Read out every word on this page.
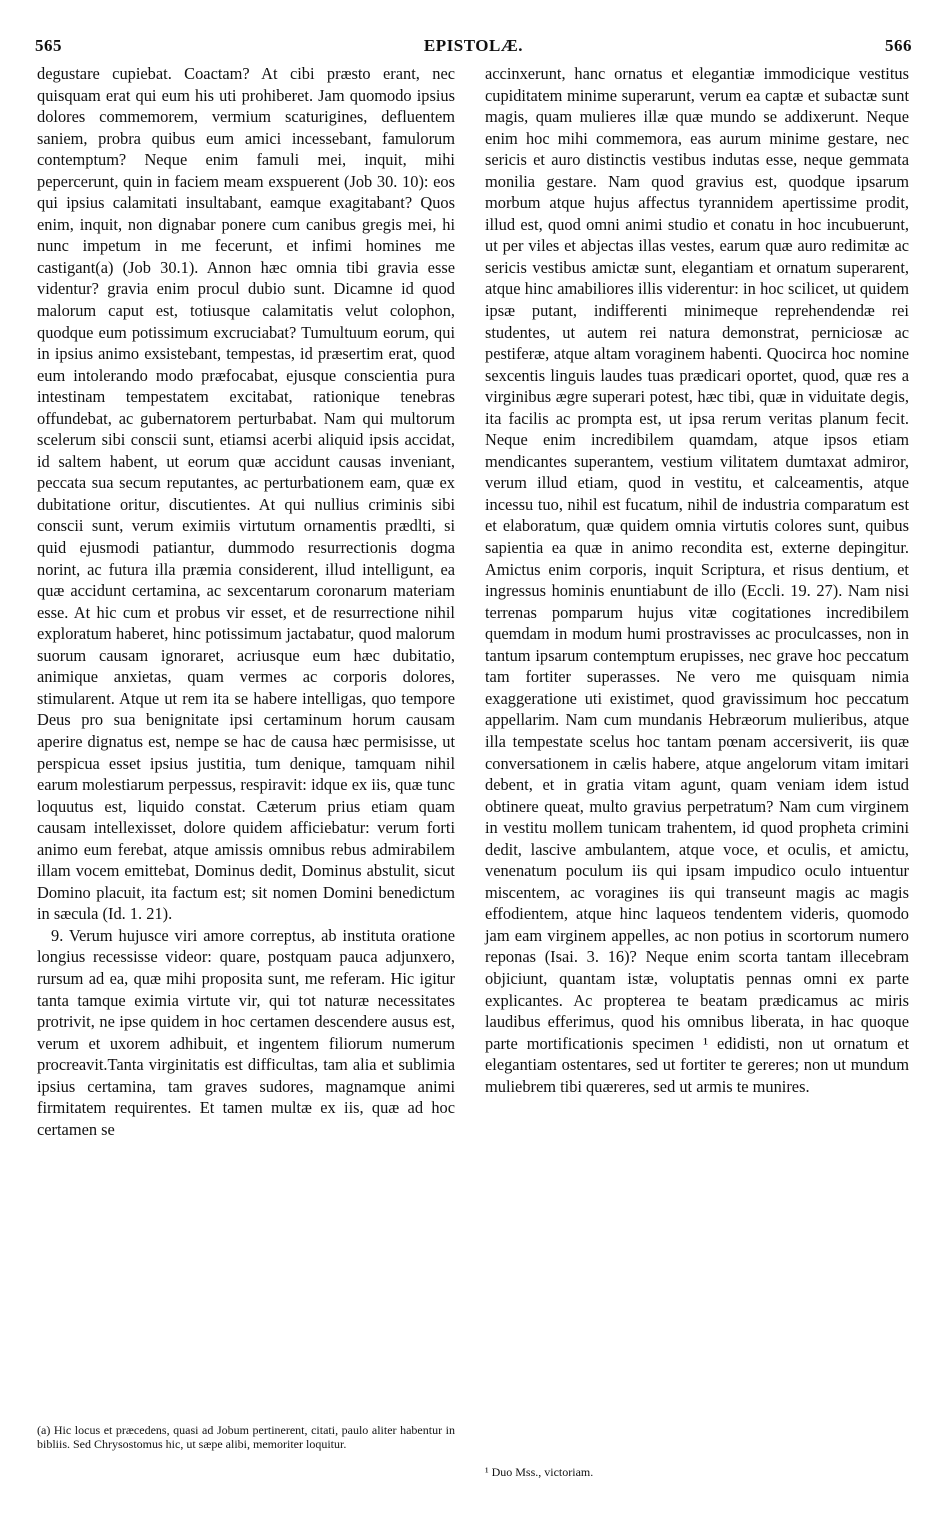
565	EPISTOLÆ.	566

degustare cupiebat. Coactam? At cibi præsto erant, nec quisquam erat qui eum his uti prohiberet. Jam quomodo ipsius dolores commemorem, vermium scaturigines, defluentem saniem, probra quibus eum amici incessebant, famulorum contemptum? Neque enim famuli mei, inquit, mihi pepercerunt, quin in faciem meam exspuerent (Job 30. 10): eos qui ipsius calamitati insultabant, eamque exagitabant? Quos enim, inquit, non dignabar ponere cum canibus gregis mei, hi nunc impetum in me fecerunt, et infimi homines me castigant(a) (Job 30.1). Annon hæc omnia tibi gravia esse videntur? gravia enim procul dubio sunt. Dicamne id quod malorum caput est, totiusque calamitatis velut colophon, quodque eum potissimum excruciabat? Tumultuum eorum, qui in ipsius animo exsistebant, tempestas, id præsertim erat, quod eum intolerando modo præfocabat, ejusque conscientia pura intestinam tempestatem excitabat, rationique tenebras offundebat, ac gubernatorem perturbabat. Nam qui multorum scelerum sibi conscii sunt, etiamsi acerbi aliquid ipsis accidat, id saltem habent, ut eorum quæ accidunt causas inveniant, peccata sua secum reputantes, ac perturbationem eam, quæ ex dubitatione oritur, discutientes. At qui nullius criminis sibi conscii sunt, verum eximiis virtutum ornamentis prædlti, si quid ejusmodi patiantur, dummodo resurrectionis dogma norint, ac futura illa præmia considerent, illud intelligunt, ea quæ accidunt certamina, ac sexcentarum coronarum materiam esse. At hic cum et probus vir esset, et de resurrectione nihil exploratum haberet, hinc potissimum jactabatur, quod malorum suorum causam ignoraret, acriusque eum hæc dubitatio, animique anxietas, quam vermes ac corporis dolores, stimularent. Atque ut rem ita se habere intelligas, quo tempore Deus pro sua benignitate ipsi certaminum horum causam aperire dignatus est, nempe se hac de causa hæc permisisse, ut perspicua esset ipsius justitia, tum denique, tamquam nihil earum molestiarum perpessus, respiravit: idque ex iis, quæ tunc loquutus est, liquido constat. Cæterum prius etiam quam causam intellexisset, dolore quidem afficiebatur: verum forti animo eum ferebat, atque amissis omnibus rebus admirabilem illam vocem emittebat, Dominus dedit, Dominus abstulit, sicut Domino placuit, ita factum est; sit nomen Domini benedictum in sæcula (Id. 1. 21).

9. Verum hujusce viri amore correptus, ab instituta oratione longius recessisse videor: quare, postquam pauca adjunxero, rursum ad ea, quæ mihi proposita sunt, me referam. Hic igitur tanta tamque eximia virtute vir, qui tot naturæ necessitates protrivit, ne ipse quidem in hoc certamen descendere ausus est, verum et uxorem adhibuit, et ingentem filiorum numerum procreavit.Tanta virginitatis est difficultas, tam alia et sublimia ipsius certamina, tam graves sudores, magnamque animi firmitatem requirentes. Et tamen multæ ex iis, quæ ad hoc certamen se

accinxerunt, hanc ornatus et elegantiæ immodicique vestitus cupiditatem minime superarunt, verum ea captæ et subactæ sunt magis, quam mulieres illæ quæ mundo se addixerunt. Neque enim hoc mihi commemora, eas aurum minime gestare, nec sericis et auro distinctis vestibus indutas esse, neque gemmata monilia gestare. Nam quod gravius est, quodque ipsarum morbum atque hujus affectus tyrannidem apertissime prodit, illud est, quod omni animi studio et conatu in hoc incubuerunt, ut per viles et abjectas illas vestes, earum quæ auro redimitæ ac sericis vestibus amictæ sunt, elegantiam et ornatum superarent, atque hinc amabiliores illis viderentur: in hoc scilicet, ut quidem ipsæ putant, indifferenti minimeque reprehendendæ rei studentes, ut autem rei natura demonstrat, perniciosæ ac pestiferæ, atque altam voraginem habenti. Quocirca hoc nomine sexcentis linguis laudes tuas prædicari oportet, quod, quæ res a virginibus ægre superari potest, hæc tibi, quæ in viduitate degis, ita facilis ac prompta est, ut ipsa rerum veritas planum fecit. Neque enim incredibilem quamdam, atque ipsos etiam mendicantes superantem, vestium vilitatem dumtaxat admiror, verum illud etiam, quod in vestitu, et calceamentis, atque incessu tuo, nihil est fucatum, nihil de industria comparatum est et elaboratum, quæ quidem omnia virtutis colores sunt, quibus sapientia ea quæ in animo recondita est, externe depingitur. Amictus enim corporis, inquit Scriptura, et risus dentium, et ingressus hominis enuntiabunt de illo (Eccli. 19. 27). Nam nisi terrenas pomparum hujus vitæ cogitationes incredibilem quemdam in modum humi prostravisses ac proculcasses, non in tantum ipsarum contemptum erupisses, nec grave hoc peccatum tam fortiter superasses. Ne vero me quisquam nimia exaggeratione uti existimet, quod gravissimum hoc peccatum appellarim. Nam cum mundanis Hebræorum mulieribus, atque illa tempestate scelus hoc tantam pœnam accersiverit, iis quæ conversationem in cælis habere, atque angelorum vitam imitari debent, et in gratia vitam agunt, quam veniam idem istud obtinere queat, multo gravius perpetratum? Nam cum virginem in vestitu mollem tunicam trahentem, id quod propheta crimini dedit, lascive ambulantem, atque voce, et oculis, et amictu, venenatum poculum iis qui ipsam impudico oculo intuentur miscentem, ac voragines iis qui transeunt magis ac magis effodientem, atque hinc laqueos tendentem videris, quomodo jam eam virginem appelles, ac non potius in scortorum numero reponas (Isai. 3. 16)? Neque enim scorta tantam illecebram objiciunt, quantam istæ, voluptatis pennas omni ex parte explicantes. Ac propterea te beatam prædicamus ac miris laudibus efferimus, quod his omnibus liberata, in hac quoque parte mortificationis specimen ¹ edidisti, non ut ornatum et elegantiam ostentares, sed ut fortiter te gereres; non ut mundum muliebrem tibi quæreres, sed ut armis te munires.

(a) Hic locus et præcedens, quasi ad Jobum pertinerent, citati, paulo aliter habentur in bibliis. Sed Chrysostomus hic, ut sæpe alibi, memoriter loquitur.
¹ Duo Mss., victoriam.
